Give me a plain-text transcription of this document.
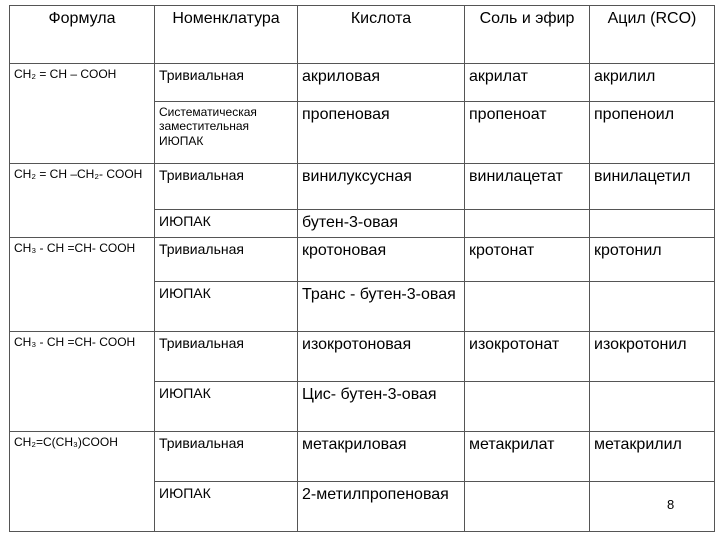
Формула	Номенклатура	Кислота	Соль и эфир	Ацил (RCO)
CH₂ = CH – COOH	Тривиальная	акриловая	акрилат	акрилил
	Систематическая заместительная ИЮПАК	пропеновая	пропеноат	пропеноил
CH₂ = CH –CH₂- COOH	Тривиальная	винилуксусная	винилацетат	винилацетил
	ИЮПАК	бутен-3-овая		
CH₃ - CH =CH- COOH	Тривиальная	кротоновая	кротонат	кротонил
	ИЮПАК	Транс - бутен-3-овая		
CH₃ - CH =CH- COOH	Тривиальная	изокротоновая	изокротонат	изокротонил
	ИЮПАК	Цис- бутен-3-овая		
CH₂=C(CH₃)COOH	Тривиальная	метакриловая	метакрилат	метакрилил
	ИЮПАК	2-метилпропеновая		
8
